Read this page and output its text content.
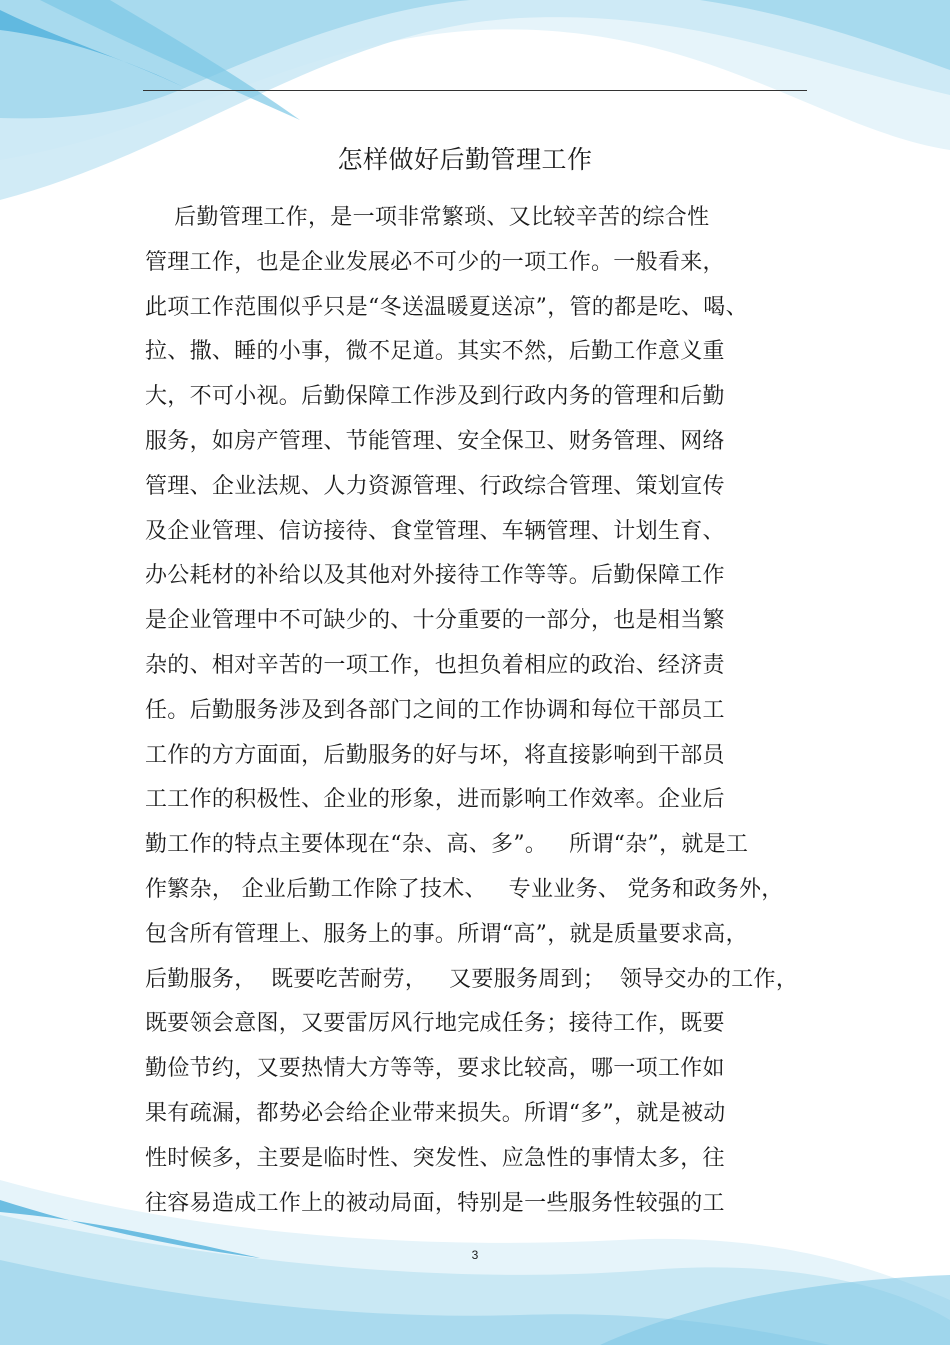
怎样做好后勤管理工作
后勤管理工作，是一项非常繁琐、又比较辛苦的综合性
管理工作，也是企业发展必不可少的一项工作。一般看来，
此项工作范围似乎只是“冬送温暖夏送凉”，管的都是吃、喝、
拉、撒、睡的小事，微不足道。其实不然，后勤工作意义重
大，不可小视。后勤保障工作涉及到行政内务的管理和后勤
服务，如房产管理、节能管理、安全保卫、财务管理、网络
管理、企业法规、人力资源管理、行政综合管理、策划宣传
及企业管理、信访接待、食堂管理、车辆管理、计划生育、
办公耗材的补给以及其他对外接待工作等等。后勤保障工作
是企业管理中不可缺少的、十分重要的一部分，也是相当繁
杂的、相对辛苦的一项工作，也担负着相应的政治、经济责
任。后勤服务涉及到各部门之间的工作协调和每位干部员工
工作的方方面面，后勤服务的好与坏，将直接影响到干部员
工工作的积极性、企业的形象，进而影响工作效率。企业后
勤工作的特点主要体现在“杂、高、多”。   所谓“杂”，就是工
作繁杂， 企业后勤工作除了技术、   专业业务、 党务和政务外，
包含所有管理上、服务上的事。所谓“高”，就是质量要求高，
后勤服务，  既要吃苦耐劳，   又要服务周到；  领导交办的工作，
既要领会意图，又要雷厉风行地完成任务；接待工作，既要
勤俭节约，又要热情大方等等，要求比较高，哪一项工作如
果有疏漏，都势必会给企业带来损失。所谓“多”，就是被动
性时候多，主要是临时性、突发性、应急性的事情太多，往
往容易造成工作上的被动局面，特别是一些服务性较强的工
3
